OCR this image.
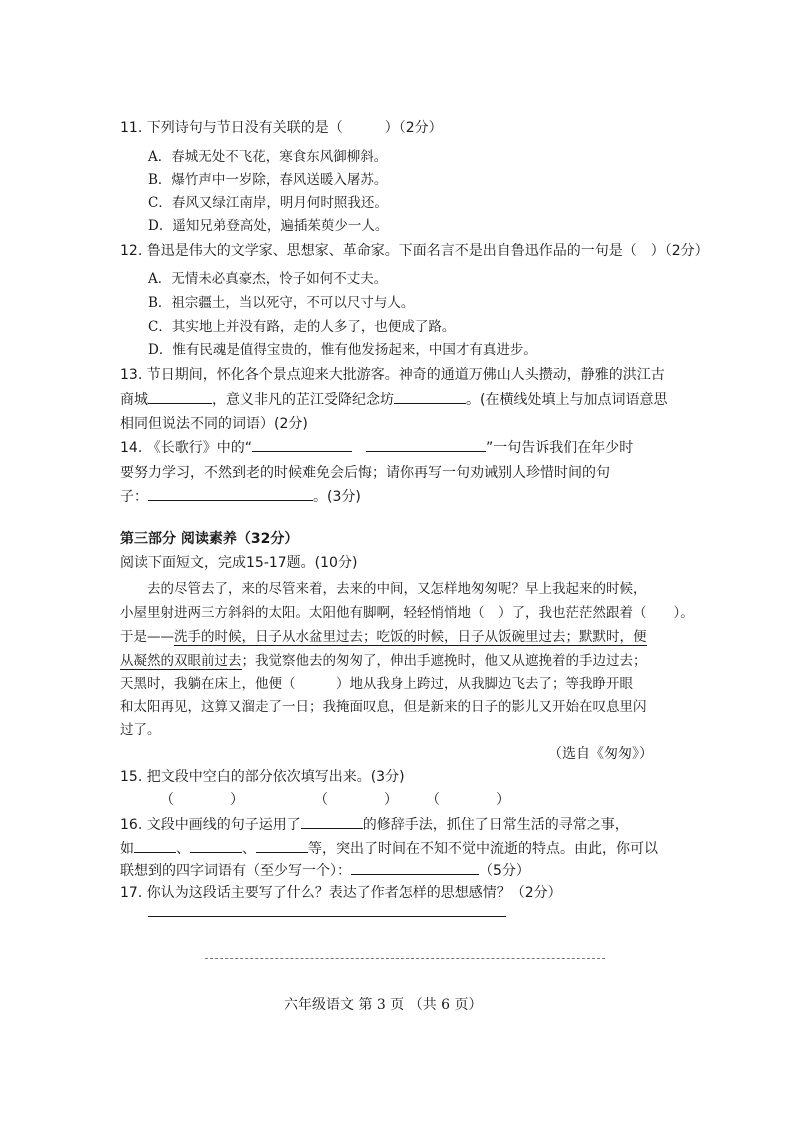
11. 下列诗句与节日没有关联的是（　　　）（2分）
A．春城无处不飞花，寒食东风御柳斜。
B．爆竹声中一岁除，春风送暖入屠苏。
C．春风又绿江南岸，明月何时照我还。
D．遥知兄弟登高处，遍插茱萸少一人。
12. 鲁迅是伟大的文学家、思想家、革命家。下面名言不是出自鲁迅作品的一句是（　）（2分）
A．无情未必真豪杰，怜子如何不丈夫。
B．祖宗疆土，当以死守，不可以尺寸与人。
C．其实地上并没有路，走的人多了，也便成了路。
D．惟有民魂是值得宝贵的，惟有他发扬起来，中国才有真进步。
13. 节日期间，怀化各个景点迎来大批游客。神奇的通道万佛山人头攒动，静雅的洪江古
商城	，意义非凡的芷江受降纪念坊	。(在横线处填上与加点词语意思
相同但说法不同的词语）(2分)
14. 《长歌行》中的“	”一句告诉我们在年少时
要努力学习，不然到老的时候难免会后悔；请你再写一句劝诫别人珍惜时间的句
子：	。(3分)
第三部分 阅读素养（32分）
阅读下面短文，完成15-17题。(10分)
　　去的尽管去了，来的尽管来着，去来的中间，又怎样地匆匆呢？早上我起来的时候，
小屋里射进两三方斜斜的太阳。太阳他有脚啊，轻轻悄悄地（　）了，我也茫茫然跟着（　　）。
于是——洗手的时候，日子从水盆里过去；吃饭的时候，日子从饭碗里过去；默默时，便
从凝然的双眼前过去；我觉察他去的匆匆了，伸出手遮挽时，他又从遮挽着的手边过去；
天黑时，我躺在床上，他便（　　　）地从我身上跨过，从我脚边飞去了；等我睁开眼
和太阳再见，这算又溜走了一日；我掩面叹息，但是新来的日子的影儿又开始在叹息里闪
过了。
（选自《匆匆》）
15. 把文段中空白的部分依次填写出来。(3分)
（　　　　）　　　　　　（　　　　）　　　（　　　　）
16. 文段中画线的句子运用了	的修辞手法，抓住了日常生活的寻常之事，
如	、	、	等，突出了时间在不知不觉中流逝的特点。由此，你可以
联想到的四字词语有（至少写一个）：	（5分）
17. 你认为这段话主要写了什么？表达了作者怎样的思想感情？（2分）
六年级语文 第 3 页 （共 6 页）
